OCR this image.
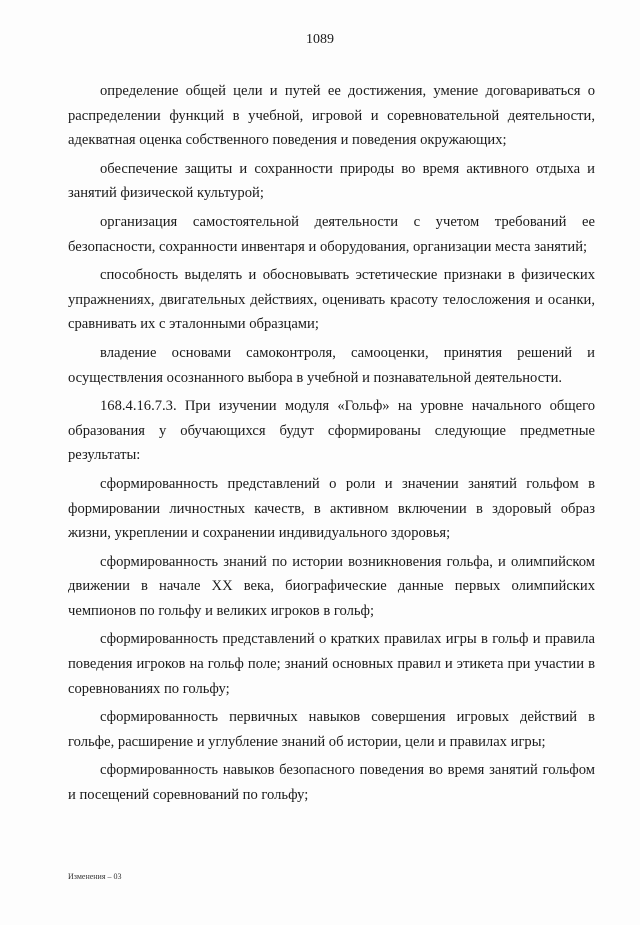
1089

определение общей цели и путей ее достижения, умение договариваться о распределении функций в учебной, игровой и соревновательной деятельности, адекватная оценка собственного поведения и поведения окружающих;

обеспечение защиты и сохранности природы во время активного отдыха и занятий физической культурой;

организация самостоятельной деятельности с учетом требований ее безопасности, сохранности инвентаря и оборудования, организации места занятий;

способность выделять и обосновывать эстетические признаки в физических упражнениях, двигательных действиях, оценивать красоту телосложения и осанки, сравнивать их с эталонными образцами;

владение основами самоконтроля, самооценки, принятия решений и осуществления осознанного выбора в учебной и познавательной деятельности.

168.4.16.7.3. При изучении модуля «Гольф» на уровне начального общего образования у обучающихся будут сформированы следующие предметные результаты:

сформированность представлений о роли и значении занятий гольфом в формировании личностных качеств, в активном включении в здоровый образ жизни, укреплении и сохранении индивидуального здоровья;

сформированность знаний по истории возникновения гольфа, и олимпийском движении в начале XX века, биографические данные первых олимпийских чемпионов по гольфу и великих игроков в гольф;

сформированность представлений о кратких правилах игры в гольф и правила поведения игроков на гольф поле; знаний основных правил и этикета при участии в соревнованиях по гольфу;

сформированность первичных навыков совершения игровых действий в гольфе, расширение и углубление знаний об истории, цели и правилах игры;

сформированность навыков безопасного поведения во время занятий гольфом и посещений соревнований по гольфу;

Изменения – 03
